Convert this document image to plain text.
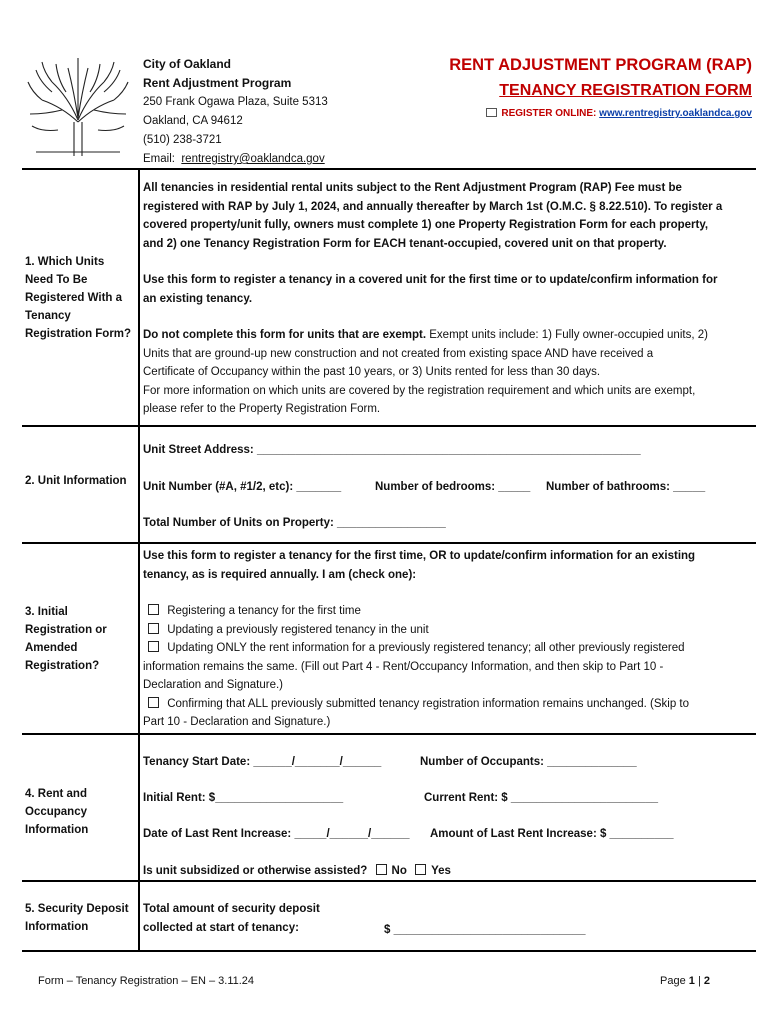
City of Oakland
Rent Adjustment Program
250 Frank Ogawa Plaza, Suite 5313
Oakland, CA 94612
(510) 238-3721
Email: rentregistry@oaklandca.gov
RENT ADJUSTMENT PROGRAM (RAP)
TENANCY REGISTRATION FORM
REGISTER ONLINE: www.rentregistry.oaklandca.gov
1. Which Units
Need To Be
Registered With a
Tenancy
Registration Form?
All tenancies in residential rental units subject to the Rent Adjustment Program (RAP) Fee must be
registered with RAP by July 1, 2024, and annually thereafter by March 1st (O.M.C. § 8.22.510). To register a
covered property/unit fully, owners must complete 1) one Property Registration Form for each property,
and 2) one Tenancy Registration Form for EACH tenant-occupied, covered unit on that property.
Use this form to register a tenancy in a covered unit for the first time or to update/confirm information for
an existing tenancy.
Do not complete this form for units that are exempt. Exempt units include: 1) Fully owner-occupied units, 2)
Units that are ground-up new construction and not created from existing space AND have received a
Certificate of Occupancy within the past 10 years, or 3) Units rented for less than 30 days.
For more information on which units are covered by the registration requirement and which units are exempt,
please refer to the Property Registration Form.
2. Unit Information
Unit Street Address: ____________________________________________________________
Unit Number (#A, #1/2, etc): _______	Number of bedrooms: _____ Number of bathrooms: _____
Total Number of Units on Property: _________________
3. Initial
Registration or
Amended
Registration?
Use this form to register a tenancy for the first time, OR to update/confirm information for an existing
tenancy, as is required annually. I am (check one):
Registering a tenancy for the first time
Updating a previously registered tenancy in the unit
Updating ONLY the rent information for a previously registered tenancy; all other previously registered
information remains the same. (Fill out Part 4 - Rent/Occupancy Information, and then skip to Part 10 -
Declaration and Signature.)
Confirming that ALL previously submitted tenancy registration information remains unchanged. (Skip to
Part 10 - Declaration and Signature.)
4. Rent and
Occupancy
Information
Tenancy Start Date: ______/_______/______	Number of Occupants: ______________
Initial Rent: $____________________	Current Rent: $ _______________________
Date of Last Rent Increase: _____/______/______ Amount of Last Rent Increase: $ __________
Is unit subsidized or otherwise assisted? No Yes
5. Security Deposit
Information
Total amount of security deposit
collected at start of tenancy:	$ ______________________________
Form – Tenancy Registration – EN – 3.11.24	Page 1 | 2
